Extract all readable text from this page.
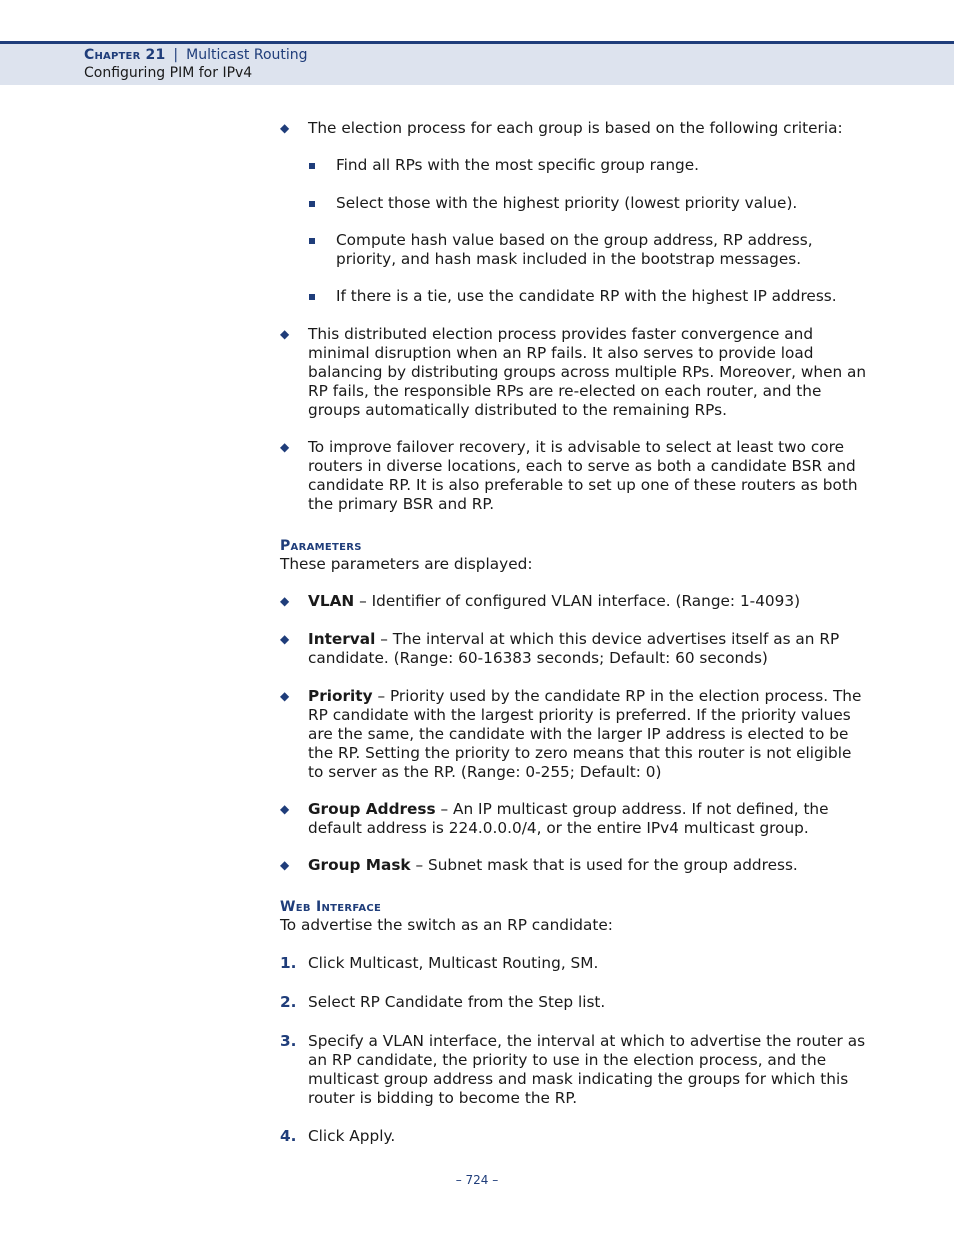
Chapter 21 | Multicast Routing
Configuring PIM for IPv4
◆ The election process for each group is based on the following criteria:
Find all RPs with the most specific group range.
Select those with the highest priority (lowest priority value).
Compute hash value based on the group address, RP address, priority, and hash mask included in the bootstrap messages.
If there is a tie, use the candidate RP with the highest IP address.
◆ This distributed election process provides faster convergence and minimal disruption when an RP fails. It also serves to provide load balancing by distributing groups across multiple RPs. Moreover, when an RP fails, the responsible RPs are re-elected on each router, and the groups automatically distributed to the remaining RPs.
◆ To improve failover recovery, it is advisable to select at least two core routers in diverse locations, each to serve as both a candidate BSR and candidate RP. It is also preferable to set up one of these routers as both the primary BSR and RP.
Parameters
These parameters are displayed:
◆ VLAN – Identifier of configured VLAN interface. (Range: 1-4093)
◆ Interval – The interval at which this device advertises itself as an RP candidate. (Range: 60-16383 seconds; Default: 60 seconds)
◆ Priority – Priority used by the candidate RP in the election process. The RP candidate with the largest priority is preferred. If the priority values are the same, the candidate with the larger IP address is elected to be the RP. Setting the priority to zero means that this router is not eligible to server as the RP. (Range: 0-255; Default: 0)
◆ Group Address – An IP multicast group address. If not defined, the default address is 224.0.0.0/4, or the entire IPv4 multicast group.
◆ Group Mask – Subnet mask that is used for the group address.
Web Interface
To advertise the switch as an RP candidate:
1. Click Multicast, Multicast Routing, SM.
2. Select RP Candidate from the Step list.
3. Specify a VLAN interface, the interval at which to advertise the router as an RP candidate, the priority to use in the election process, and the multicast group address and mask indicating the groups for which this router is bidding to become the RP.
4. Click Apply.
– 724 –
